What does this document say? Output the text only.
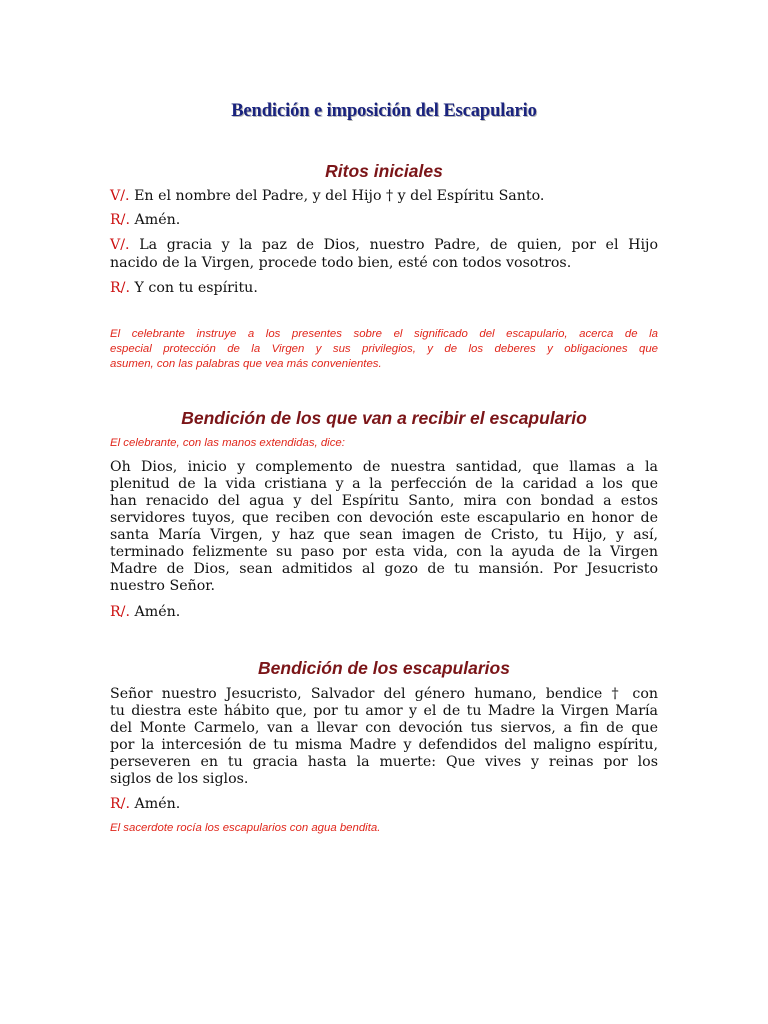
Bendición e imposición del Escapulario
Ritos iniciales
V/. En el nombre del Padre, y del Hijo † y del Espíritu Santo.
R/. Amén.
V/. La gracia y la paz de Dios, nuestro Padre, de quien, por el Hijo
nacido de la Virgen, procede todo bien, esté con todos vosotros.
R/. Y con tu espíritu.
El celebrante instruye a los presentes sobre el significado del escapulario, acerca de la
especial protección de la Virgen y sus privilegios, y de los deberes y obligaciones que
asumen, con las palabras que vea más convenientes.
Bendición de los que van a recibir el escapulario
El celebrante, con las manos extendidas, dice:
Oh Dios, inicio y complemento de nuestra santidad, que llamas a la
plenitud de la vida cristiana y a la perfección de la caridad a los que
han renacido del agua y del Espíritu Santo, mira con bondad a estos
servidores tuyos, que reciben con devoción este escapulario en honor de
santa María Virgen, y haz que sean imagen de Cristo, tu Hijo, y así,
terminado felizmente su paso por esta vida, con la ayuda de la Virgen
Madre de Dios, sean admitidos al gozo de tu mansión. Por Jesucristo
nuestro Señor.
R/. Amén.
Bendición de los escapularios
Señor nuestro Jesucristo, Salvador del género humano, bendice † con
tu diestra este hábito que, por tu amor y el de tu Madre la Virgen María
del Monte Carmelo, van a llevar con devoción tus siervos, a fin de que
por la intercesión de tu misma Madre y defendidos del maligno espíritu,
perseveren en tu gracia hasta la muerte: Que vives y reinas por los
siglos de los siglos.
R/. Amén.
El sacerdote rocía los escapularios con agua bendita.
